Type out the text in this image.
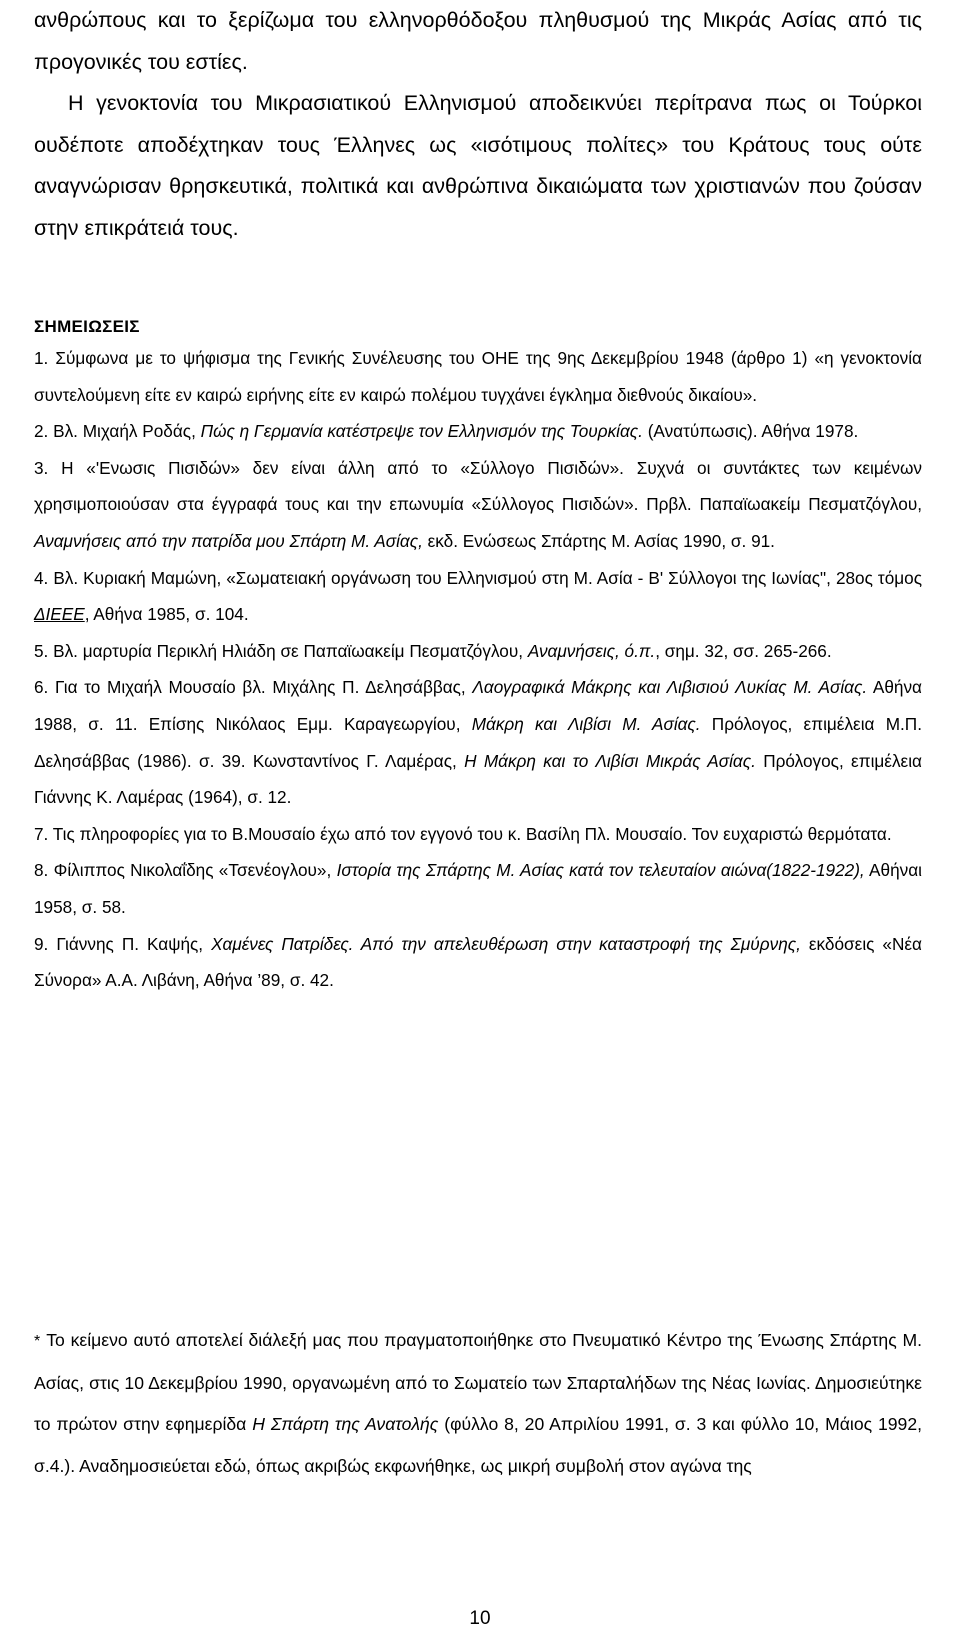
ανθρώπους και το ξερίζωμα του ελληνορθόδοξου πληθυσμού της Μικράς Ασίας από τις προγονικές του εστίες.
Η γενοκτονία του Μικρασιατικού Ελληνισμού αποδεικνύει περίτρανα πως οι Τούρκοι ουδέποτε αποδέχτηκαν τους Έλληνες ως «ισότιμους πολίτες» του Κράτους τους ούτε αναγνώρισαν θρησκευτικά, πολιτικά και ανθρώπινα δικαιώματα των χριστιανών που ζούσαν στην επικράτειά τους.
ΣΗΜΕΙΩΣΕΙΣ

1. Σύμφωνα με το ψήφισμα της Γενικής Συνέλευσης του ΟΗΕ της 9ης Δεκεμβρίου 1948 (άρθρο 1) «η γενοκτονία συντελούμενη είτε εν καιρώ ειρήνης είτε εν καιρώ πολέμου τυγχάνει έγκλημα διεθνούς δικαίου».

2. Βλ. Μιχαήλ Ροδάς, Πώς η Γερμανία κατέστρεψε τον Ελληνισμόν της Τουρκίας. (Ανατύπωσις). Αθήνα 1978.

3. Η «'Ενωσις Πισιδών» δεν είναι άλλη από το «Σύλλογο Πισιδών». Συχνά οι συντάκτες των κειμένων χρησιμοποιούσαν στα έγγραφά τους και την επωνυμία «Σύλλογος Πισιδών». Πρβλ. Παπαϊωακείμ Πεσματζόγλου, Αναμνήσεις από την πατρίδα μου Σπάρτη Μ. Ασίας, εκδ. Ενώσεως Σπάρτης Μ. Ασίας 1990, σ. 91.

4. Βλ. Κυριακή Μαμώνη, «Σωματειακή οργάνωση του Ελληνισμού στη Μ. Ασία - Β' Σύλλογοι της Ιωνίας", 28ος τόμος ΔΙΕΕΕ, Αθήνα 1985, σ. 104.

5. Βλ. μαρτυρία Περικλή Ηλιάδη σε Παπαϊωακείμ Πεσματζόγλου, Αναμνήσεις, ό.π., σημ. 32, σσ. 265-266.

6. Για το Μιχαήλ Μουσαίο βλ. Μιχάλης Π. Δελησάββας, Λαογραφικά Μάκρης και Λιβισιού Λυκίας Μ. Ασίας. Αθήνα 1988, σ. 11. Επίσης Νικόλαος Εμμ. Καραγεωργίου, Μάκρη και Λιβίσι Μ. Ασίας. Πρόλογος, επιμέλεια Μ.Π. Δελησάββας (1986). σ. 39. Κωνσταντίνος Γ. Λαμέρας, Η Μάκρη και το Λιβίσι Μικράς Ασίας. Πρόλογος, επιμέλεια Γιάννης Κ. Λαμέρας (1964), σ. 12.

7. Τις πληροφορίες για το Β.Μουσαίο έχω από τον εγγονό του κ. Βασίλη Πλ. Μουσαίο. Τον ευχαριστώ θερμότατα.

8. Φίλιππος Νικολαΐδης «Τσενέογλου», Ιστορία της Σπάρτης Μ. Ασίας κατά τον τελευταίον αιώνα(1822-1922), Αθήναι 1958, σ. 58.

9. Γιάννης Π. Καψής, Χαμένες Πατρίδες. Από την απελευθέρωση στην καταστροφή της Σμύρνης, εκδόσεις «Νέα Σύνορα» Α.Α. Λιβάνη, Αθήνα ’89, σ. 42.

* Το κείμενο αυτό αποτελεί διάλεξή μας που πραγματοποιήθηκε στο Πνευματικό Κέντρο της Ένωσης Σπάρτης Μ. Ασίας, στις 10 Δεκεμβρίου 1990, οργανωμένη από το Σωματείο των Σπαρταλήδων της Νέας Ιωνίας. Δημοσιεύτηκε το πρώτον στην εφημερίδα Η Σπάρτη της Ανατολής (φύλλο 8, 20 Απριλίου 1991, σ. 3 και φύλλο 10, Μάιος 1992, σ.4.). Αναδημοσιεύεται εδώ, όπως ακριβώς εκφωνήθηκε, ως μικρή συμβολή στον αγώνα της
10
